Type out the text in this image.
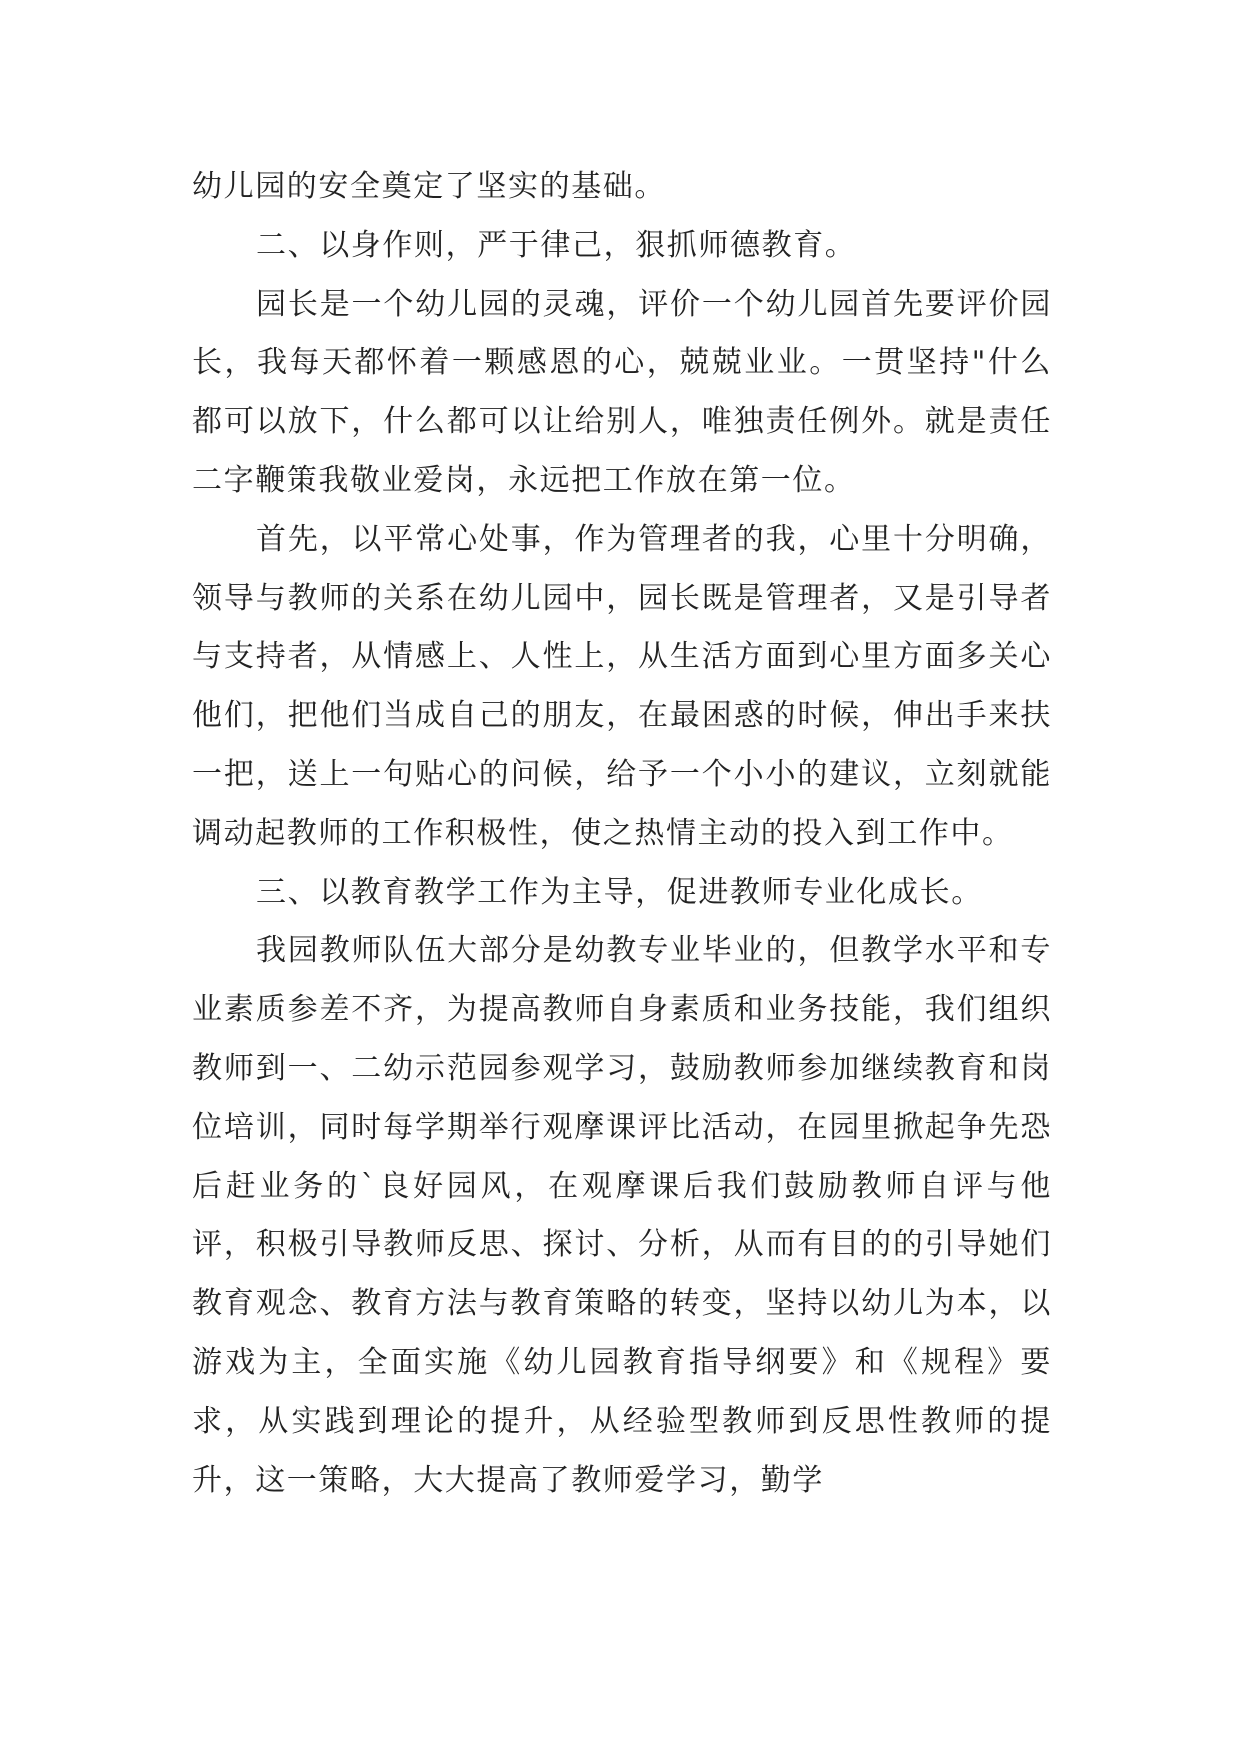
幼儿园的安全奠定了坚实的基础。

二、以身作则，严于律己，狠抓师德教育。

园长是一个幼儿园的灵魂，评价一个幼儿园首先要评价园长，我每天都怀着一颗感恩的心，兢兢业业。一贯坚持"什么都可以放下，什么都可以让给别人，唯独责任例外。就是责任二字鞭策我敬业爱岗，永远把工作放在第一位。

首先，以平常心处事，作为管理者的我，心里十分明确，领导与教师的关系在幼儿园中，园长既是管理者，又是引导者与支持者，从情感上、人性上，从生活方面到心里方面多关心他们，把他们当成自己的朋友，在最困惑的时候，伸出手来扶一把，送上一句贴心的问候，给予一个小小的建议，立刻就能调动起教师的工作积极性，使之热情主动的投入到工作中。

三、以教育教学工作为主导，促进教师专业化成长。

我园教师队伍大部分是幼教专业毕业的，但教学水平和专业素质参差不齐，为提高教师自身素质和业务技能，我们组织教师到一、二幼示范园参观学习，鼓励教师参加继续教育和岗位培训，同时每学期举行观摩课评比活动，在园里掀起争先恐后赶业务的`良好园风，在观摩课后我们鼓励教师自评与他评，积极引导教师反思、探讨、分析，从而有目的的引导她们教育观念、教育方法与教育策略的转变，坚持以幼儿为本，以游戏为主，全面实施《幼儿园教育指导纲要》和《规程》要求，从实践到理论的提升，从经验型教师到反思性教师的提升，这一策略，大大提高了教师爱学习，勤学
